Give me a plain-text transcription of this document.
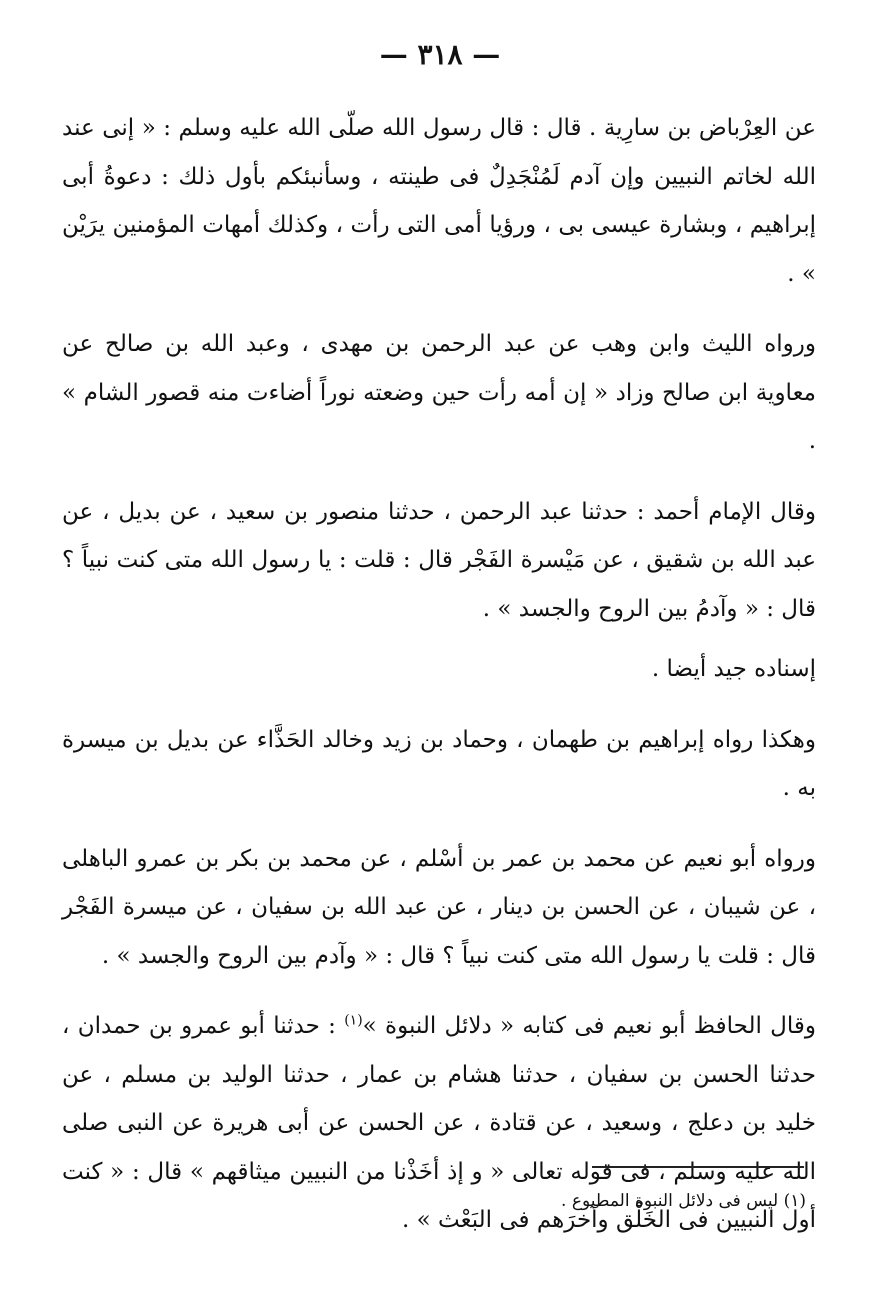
— ٣١٨ —

عن العِرْباض بن سارِية . قال : قال رسول الله صلّى الله عليه وسلم : « إنى عند الله لخاتم النبيين وإن آدم لَمُنْجَدِلٌ فى طينته ، وسأنبئكم بأول ذلك : دعوةُ أبى إبراهيم ، وبشارة عيسى بى ، ورؤيا أمى التى رأت ، وكذلك أمهات المؤمنين يرَيْن » .

ورواه الليث وابن وهب عن عبد الرحمن بن مهدى ، وعبد الله بن صالح عن معاوية ابن صالح وزاد « إن أمه رأت حين وضعته نوراً أضاءت منه قصور الشام » .

وقال الإمام أحمد : حدثنا عبد الرحمن ، حدثنا منصور بن سعيد ، عن بديل ، عن عبد الله بن شقيق ، عن مَيْسرة الفَجْر قال : قلت : يا رسول الله متى كنت نبياً ؟ قال : « وآدمُ بين الروح والجسد » .

إسناده جيد أيضا .

وهكذا رواه إبراهيم بن طهمان ، وحماد بن زيد وخالد الحَذَّاء عن بديل بن ميسرة به .

ورواه أبو نعيم عن محمد بن عمر بن أسْلم ، عن محمد بن بكر بن عمرو الباهلى ، عن شيبان ، عن الحسن بن دينار ، عن عبد الله بن سفيان ، عن ميسرة الفَجْر قال : قلت يا رسول الله متى كنت نبياً ؟ قال : « وآدم بين الروح والجسد » .

وقال الحافظ أبو نعيم فى كتابه « دلائل النبوة »$^{(١)}$ : حدثنا أبو عمرو بن حمدان ، حدثنا الحسن بن سفيان ، حدثنا هشام بن عمار ، حدثنا الوليد بن مسلم ، عن خليد بن دعلج ، وسعيد ، عن قتادة ، عن الحسن عن أبى هريرة عن النبى صلى الله عليه وسلم ، فى قوله تعالى « و إذ أخَذْنا من النبيين ميثاقهم » قال : « كنت أول النبيين فى الخَلْق وآخرَهم فى البَعْث » .

(١) ليس فى دلائل النبوة المطبوع .
